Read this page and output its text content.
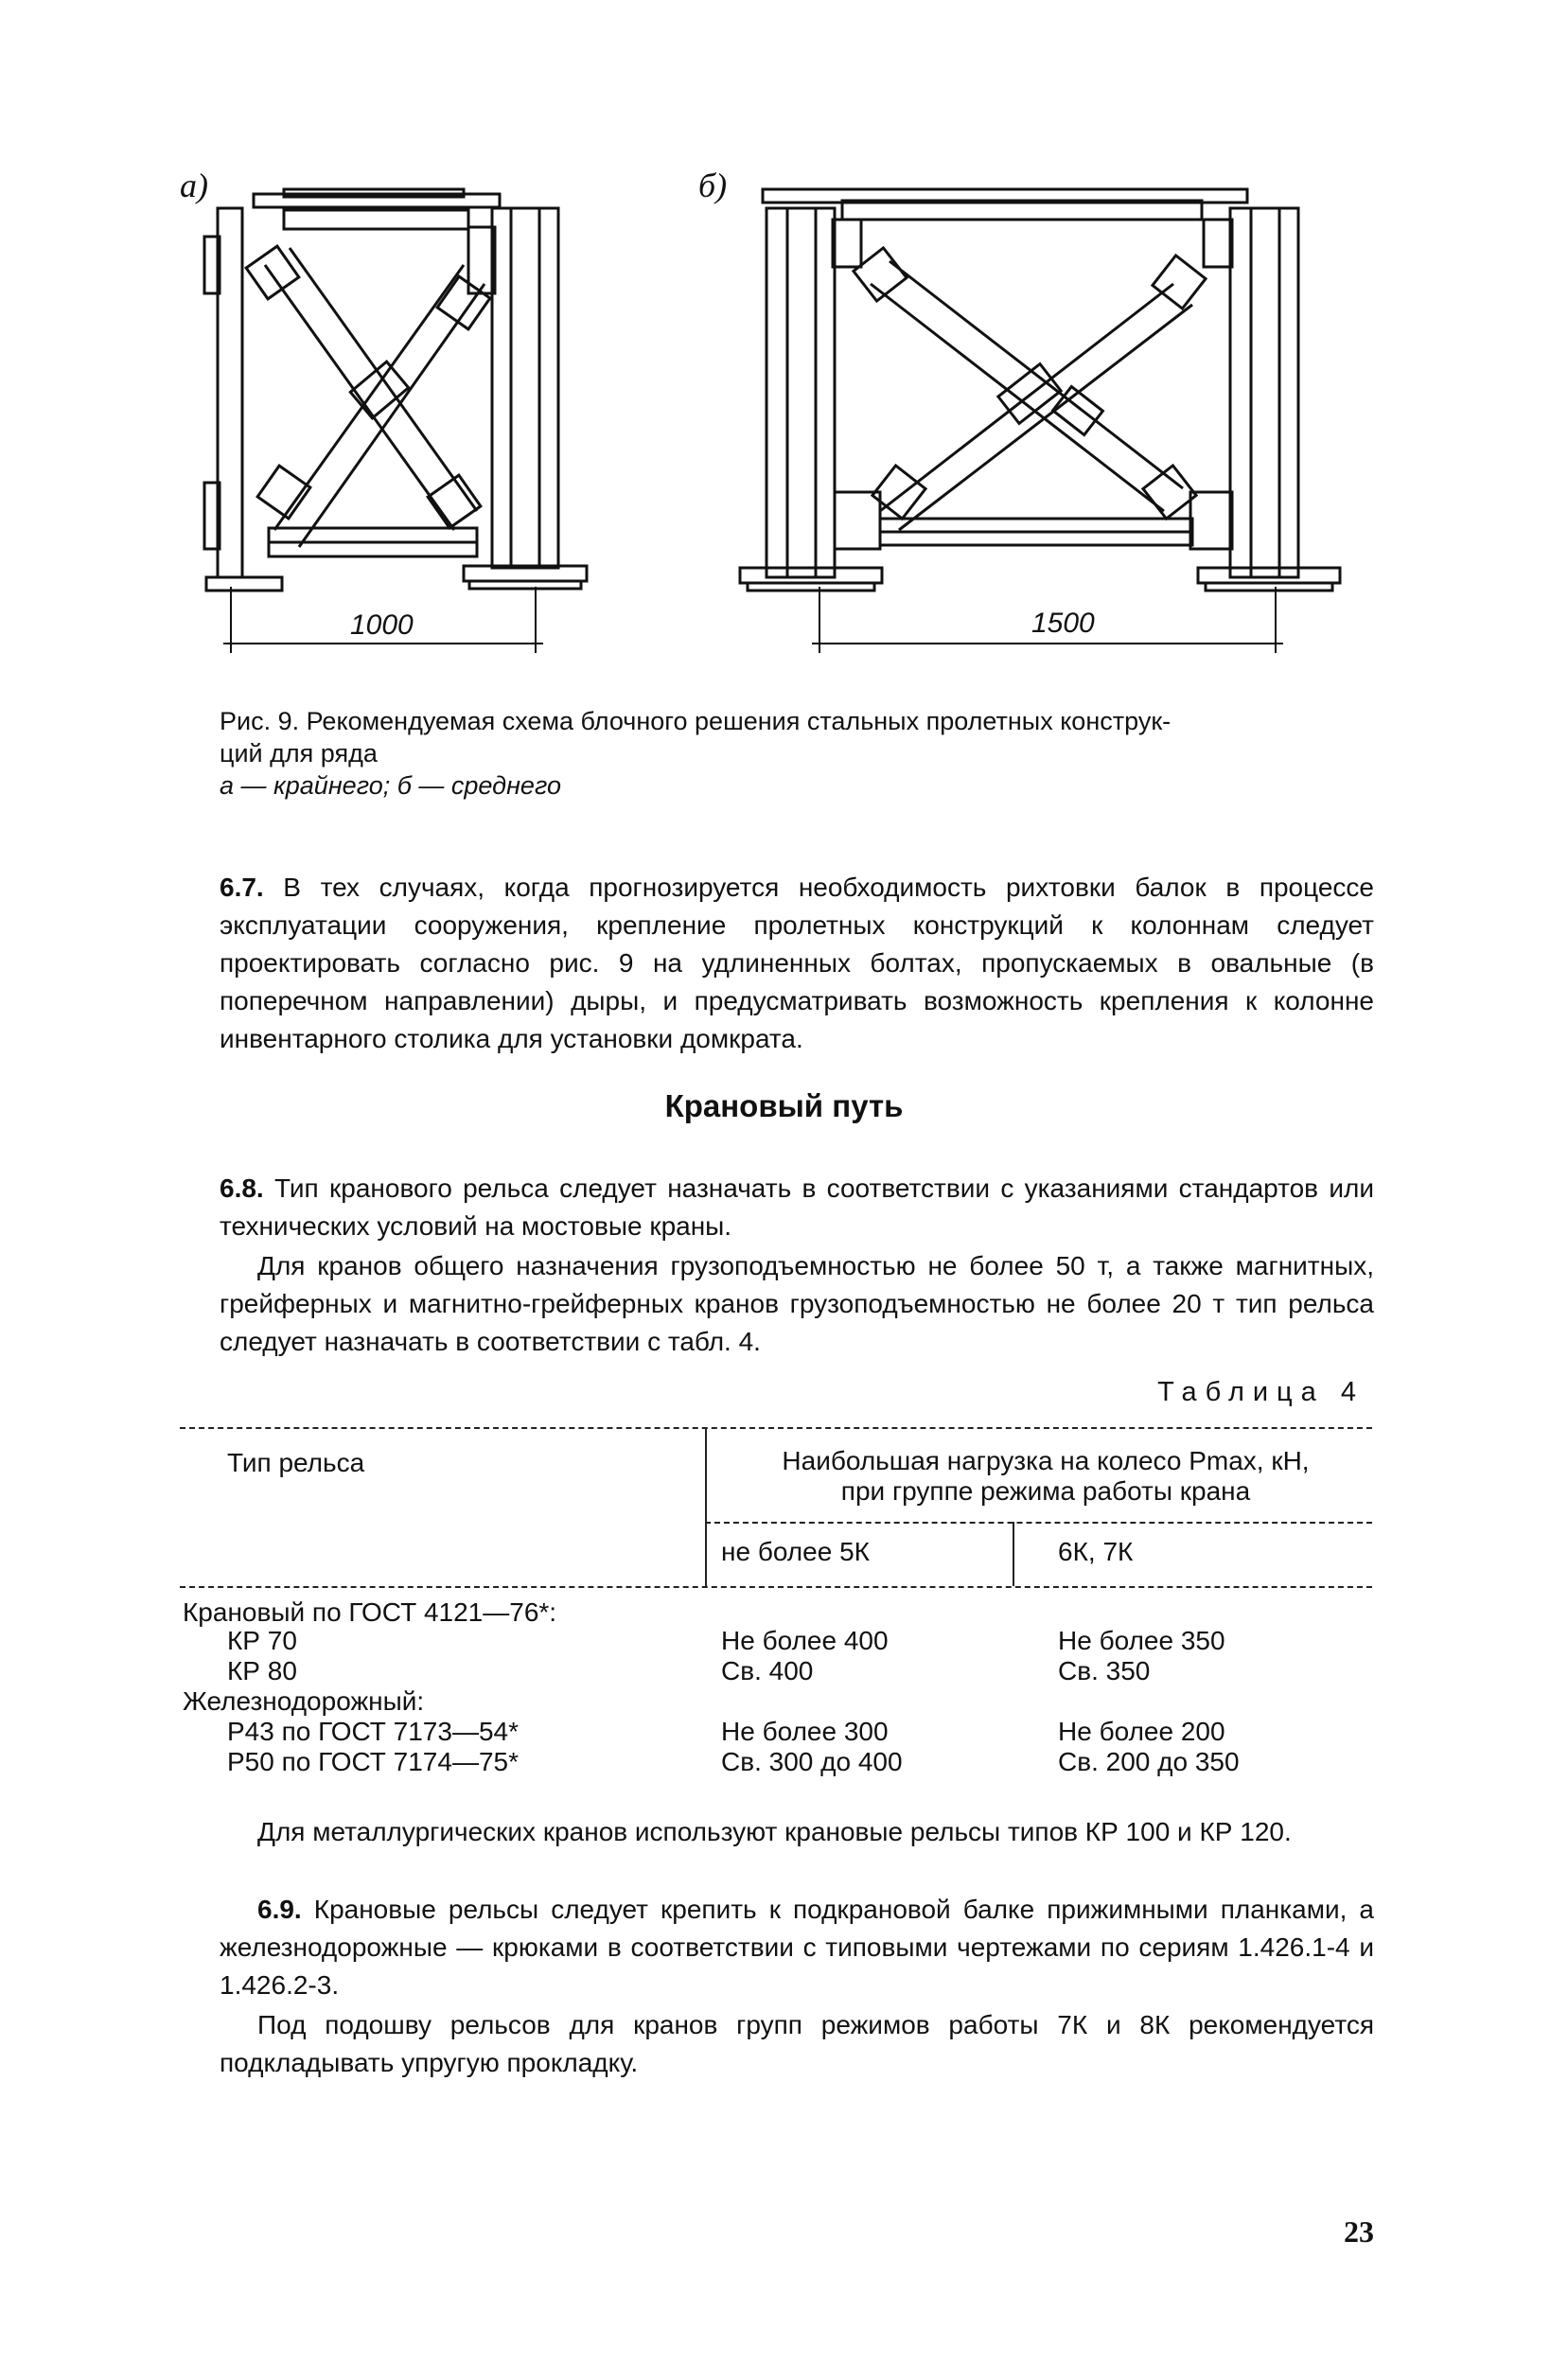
а)	б)
1000	1500
Рис. 9. Рекомендуемая схема блочного решения стальных пролетных конструк-
ций для ряда
а — крайнего; б — среднего
6.7. В тех случаях, когда прогнозируется необходимость рихтовки балок в процессе эксплуатации сооружения, крепление пролетных конструкций к колоннам следует проектировать согласно рис. 9 на удлиненных болтах, пропускаемых в овальные (в поперечном направлении) дыры, и предусматривать возможность крепления к колонне инвентарного столика для установки домкрата.
Крановый путь
6.8. Тип кранового рельса следует назначать в соответствии с указаниями стандартов или технических условий на мостовые краны.
Для кранов общего назначения грузоподъемностью не более 50 т, а также магнитных, грейферных и магнитно-грейферных кранов грузоподъемностью не более 20 т тип рельса следует назначать в соответствии с табл. 4.
Таблица 4
Тип рельса	Наибольшая нагрузка на колесо Pmax, кН,
при группе режима работы крана
не более 5К	6К, 7К
Крановый по ГОСТ 4121—76*:
КР 70	Не более 400	Не более 350
КР 80	Св. 400	Св. 350
Железнодорожный:
Р43 по ГОСТ 7173—54*	Не более 300	Не более 200
Р50 по ГОСТ 7174—75*	Св. 300 до 400	Св. 200 до 350
Для металлургических кранов используют крановые рельсы типов КР 100 и КР 120.
6.9. Крановые рельсы следует крепить к подкрановой балке прижимными планками, а железнодорожные — крюками в соответствии с типовыми чертежами по сериям 1.426.1-4 и 1.426.2-3.
Под подошву рельсов для кранов групп режимов работы 7К и 8К рекомендуется подкладывать упругую прокладку.
23
